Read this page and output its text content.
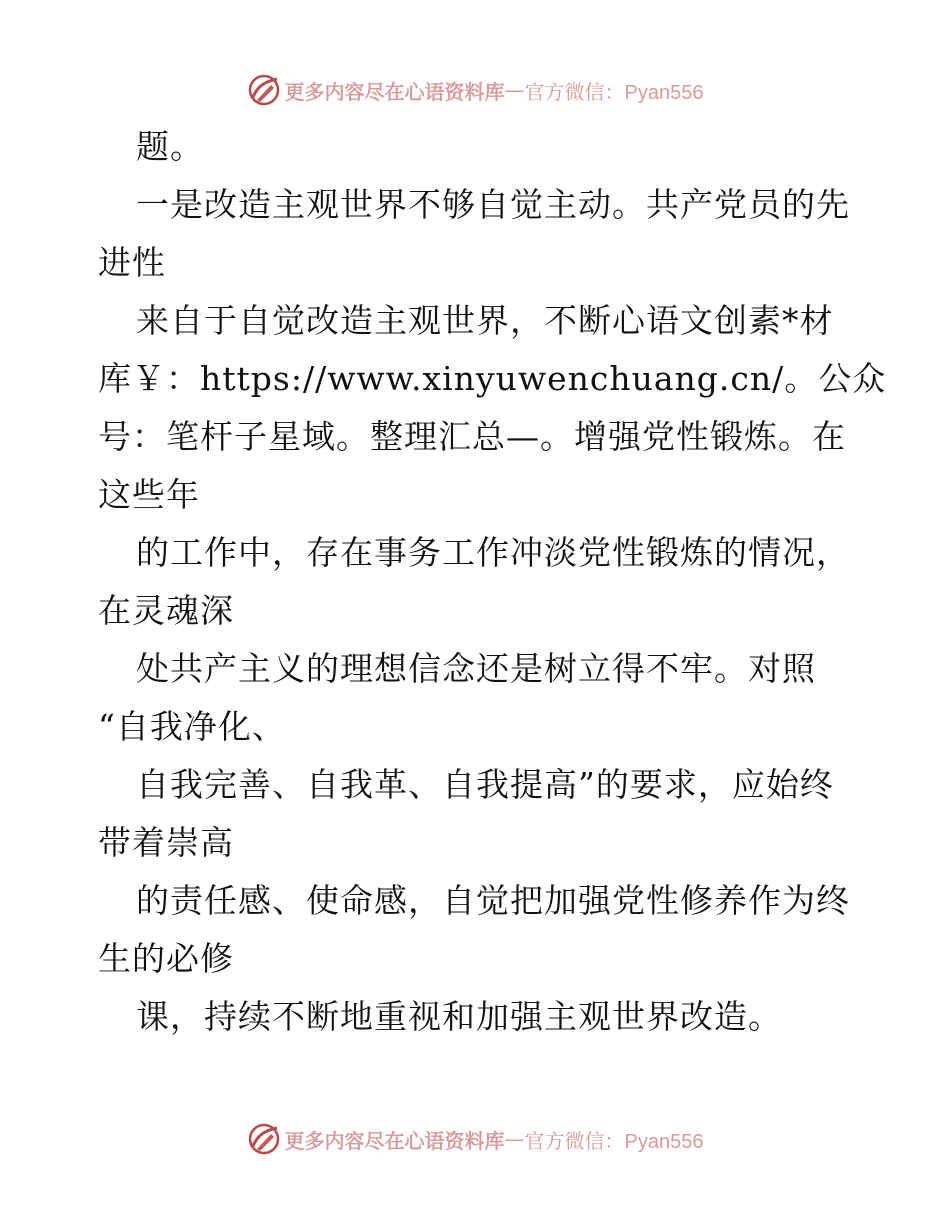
更多内容尽在心语资料库 — 官方微信：Pyan556
题。
一是改造主观世界不够自觉主动。共产党员的先
进性
来自于自觉改造主观世界，不断心语文创素*材
库￥：https://www.xinyuwenchuang.cn/。公众
号：笔杆子星域。整理汇总—。增强党性锻炼。在
这些年
的工作中，存在事务工作冲淡党性锻炼的情况，
在灵魂深
处共产主义的理想信念还是树立得不牢。对照
“自我净化、
自我完善、自我革、自我提高”的要求，应始终
带着崇高
的责任感、使命感，自觉把加强党性修养作为终
生的必修
课，持续不断地重视和加强主观世界改造。
更多内容尽在心语资料库 — 官方微信：Pyan556
